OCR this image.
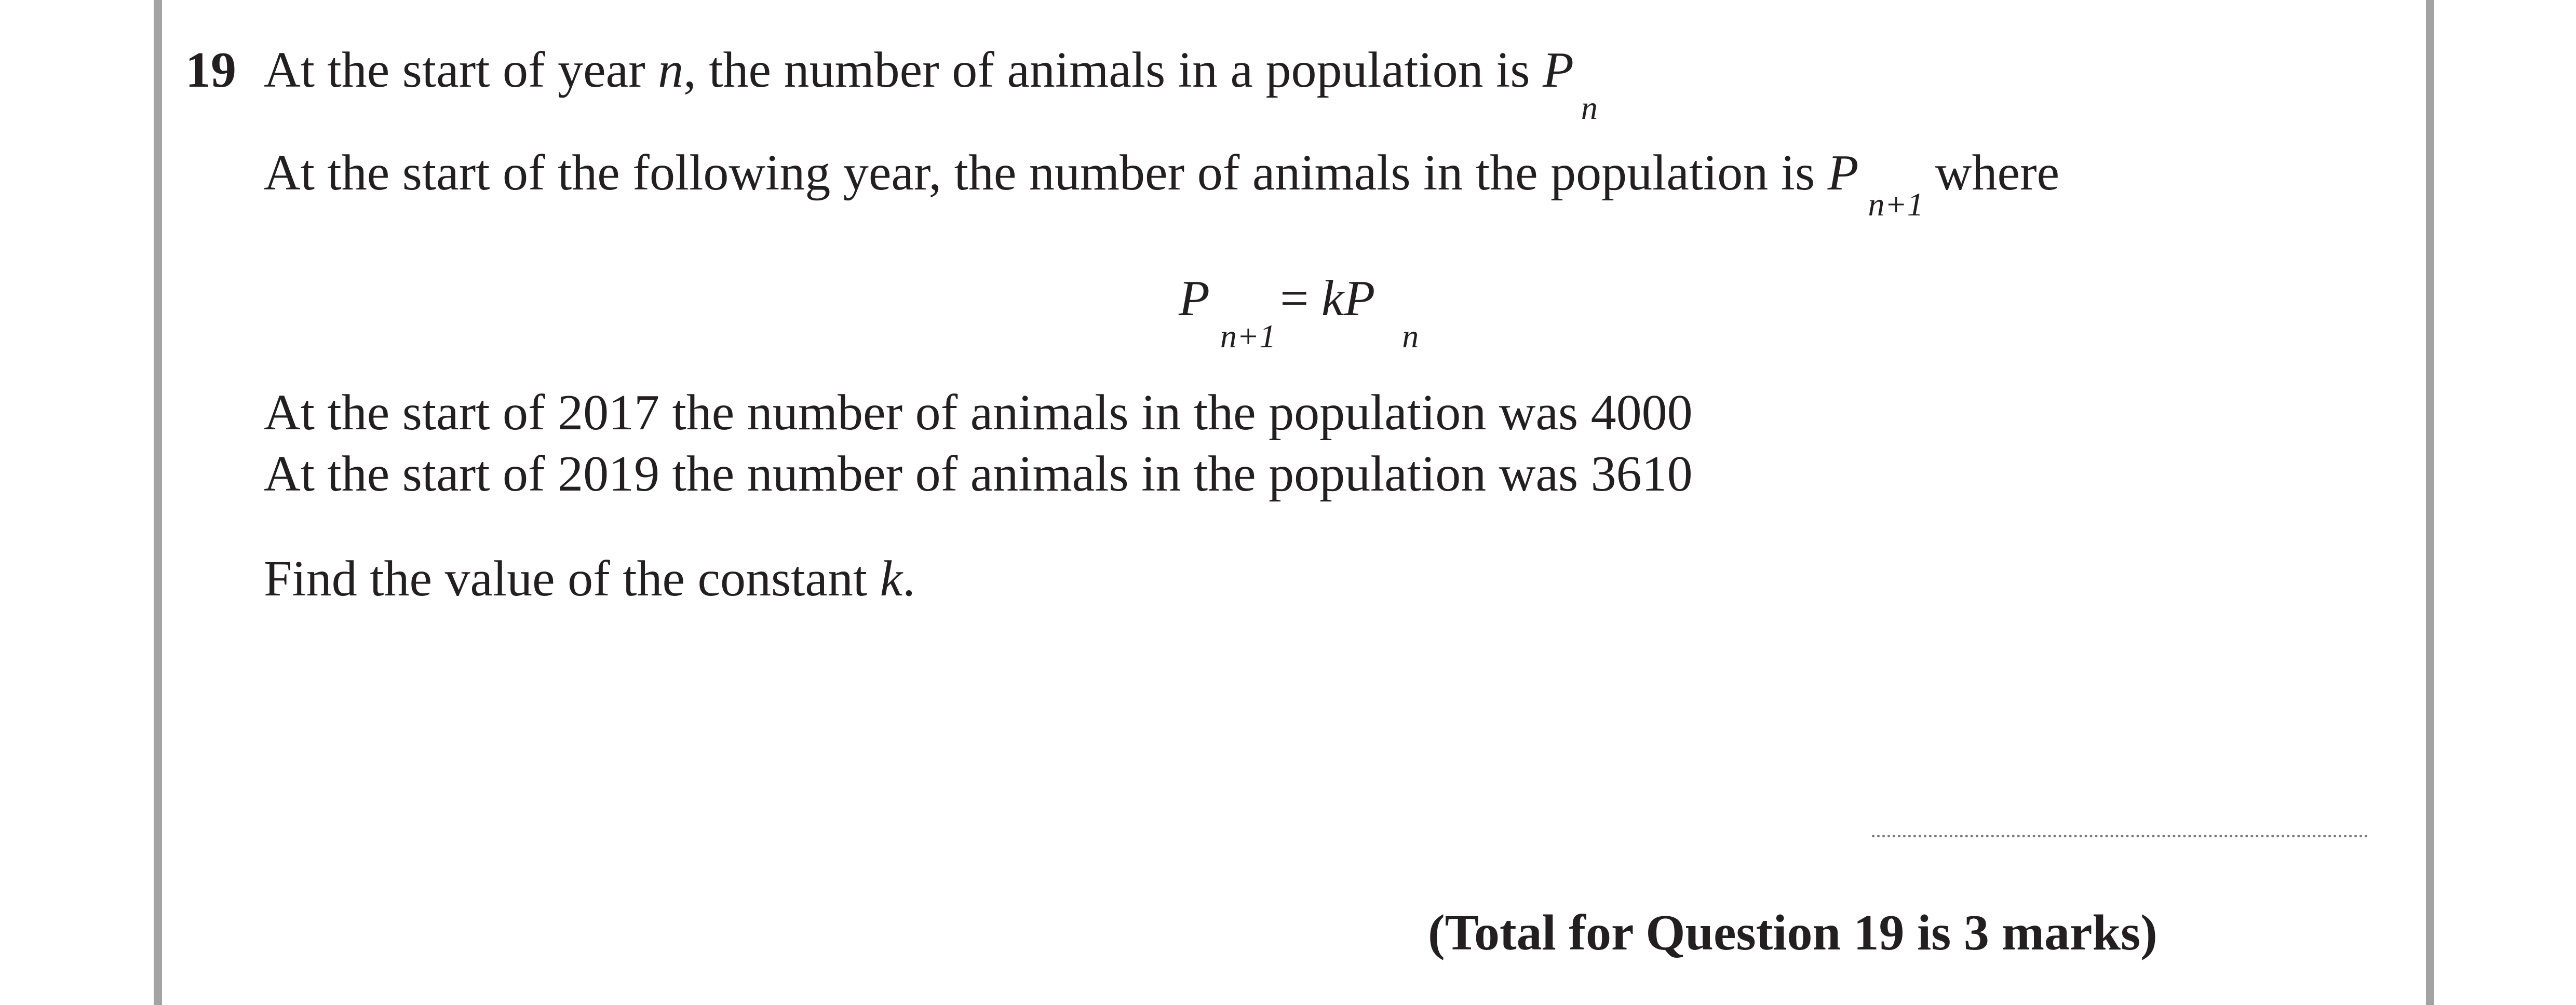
19 At the start of year n, the number of animals in a population is $P_n$
At the start of the following year, the number of animals in the population is $P_{n+1}where$
$P_{n+1}= kP_n$
At the start of 2017 the number of animals in the population was 4000
At the start of 2019 the number of animals in the population was 3610
Find the value of the constant k.
(Total for Question 19 is 3 marks)
